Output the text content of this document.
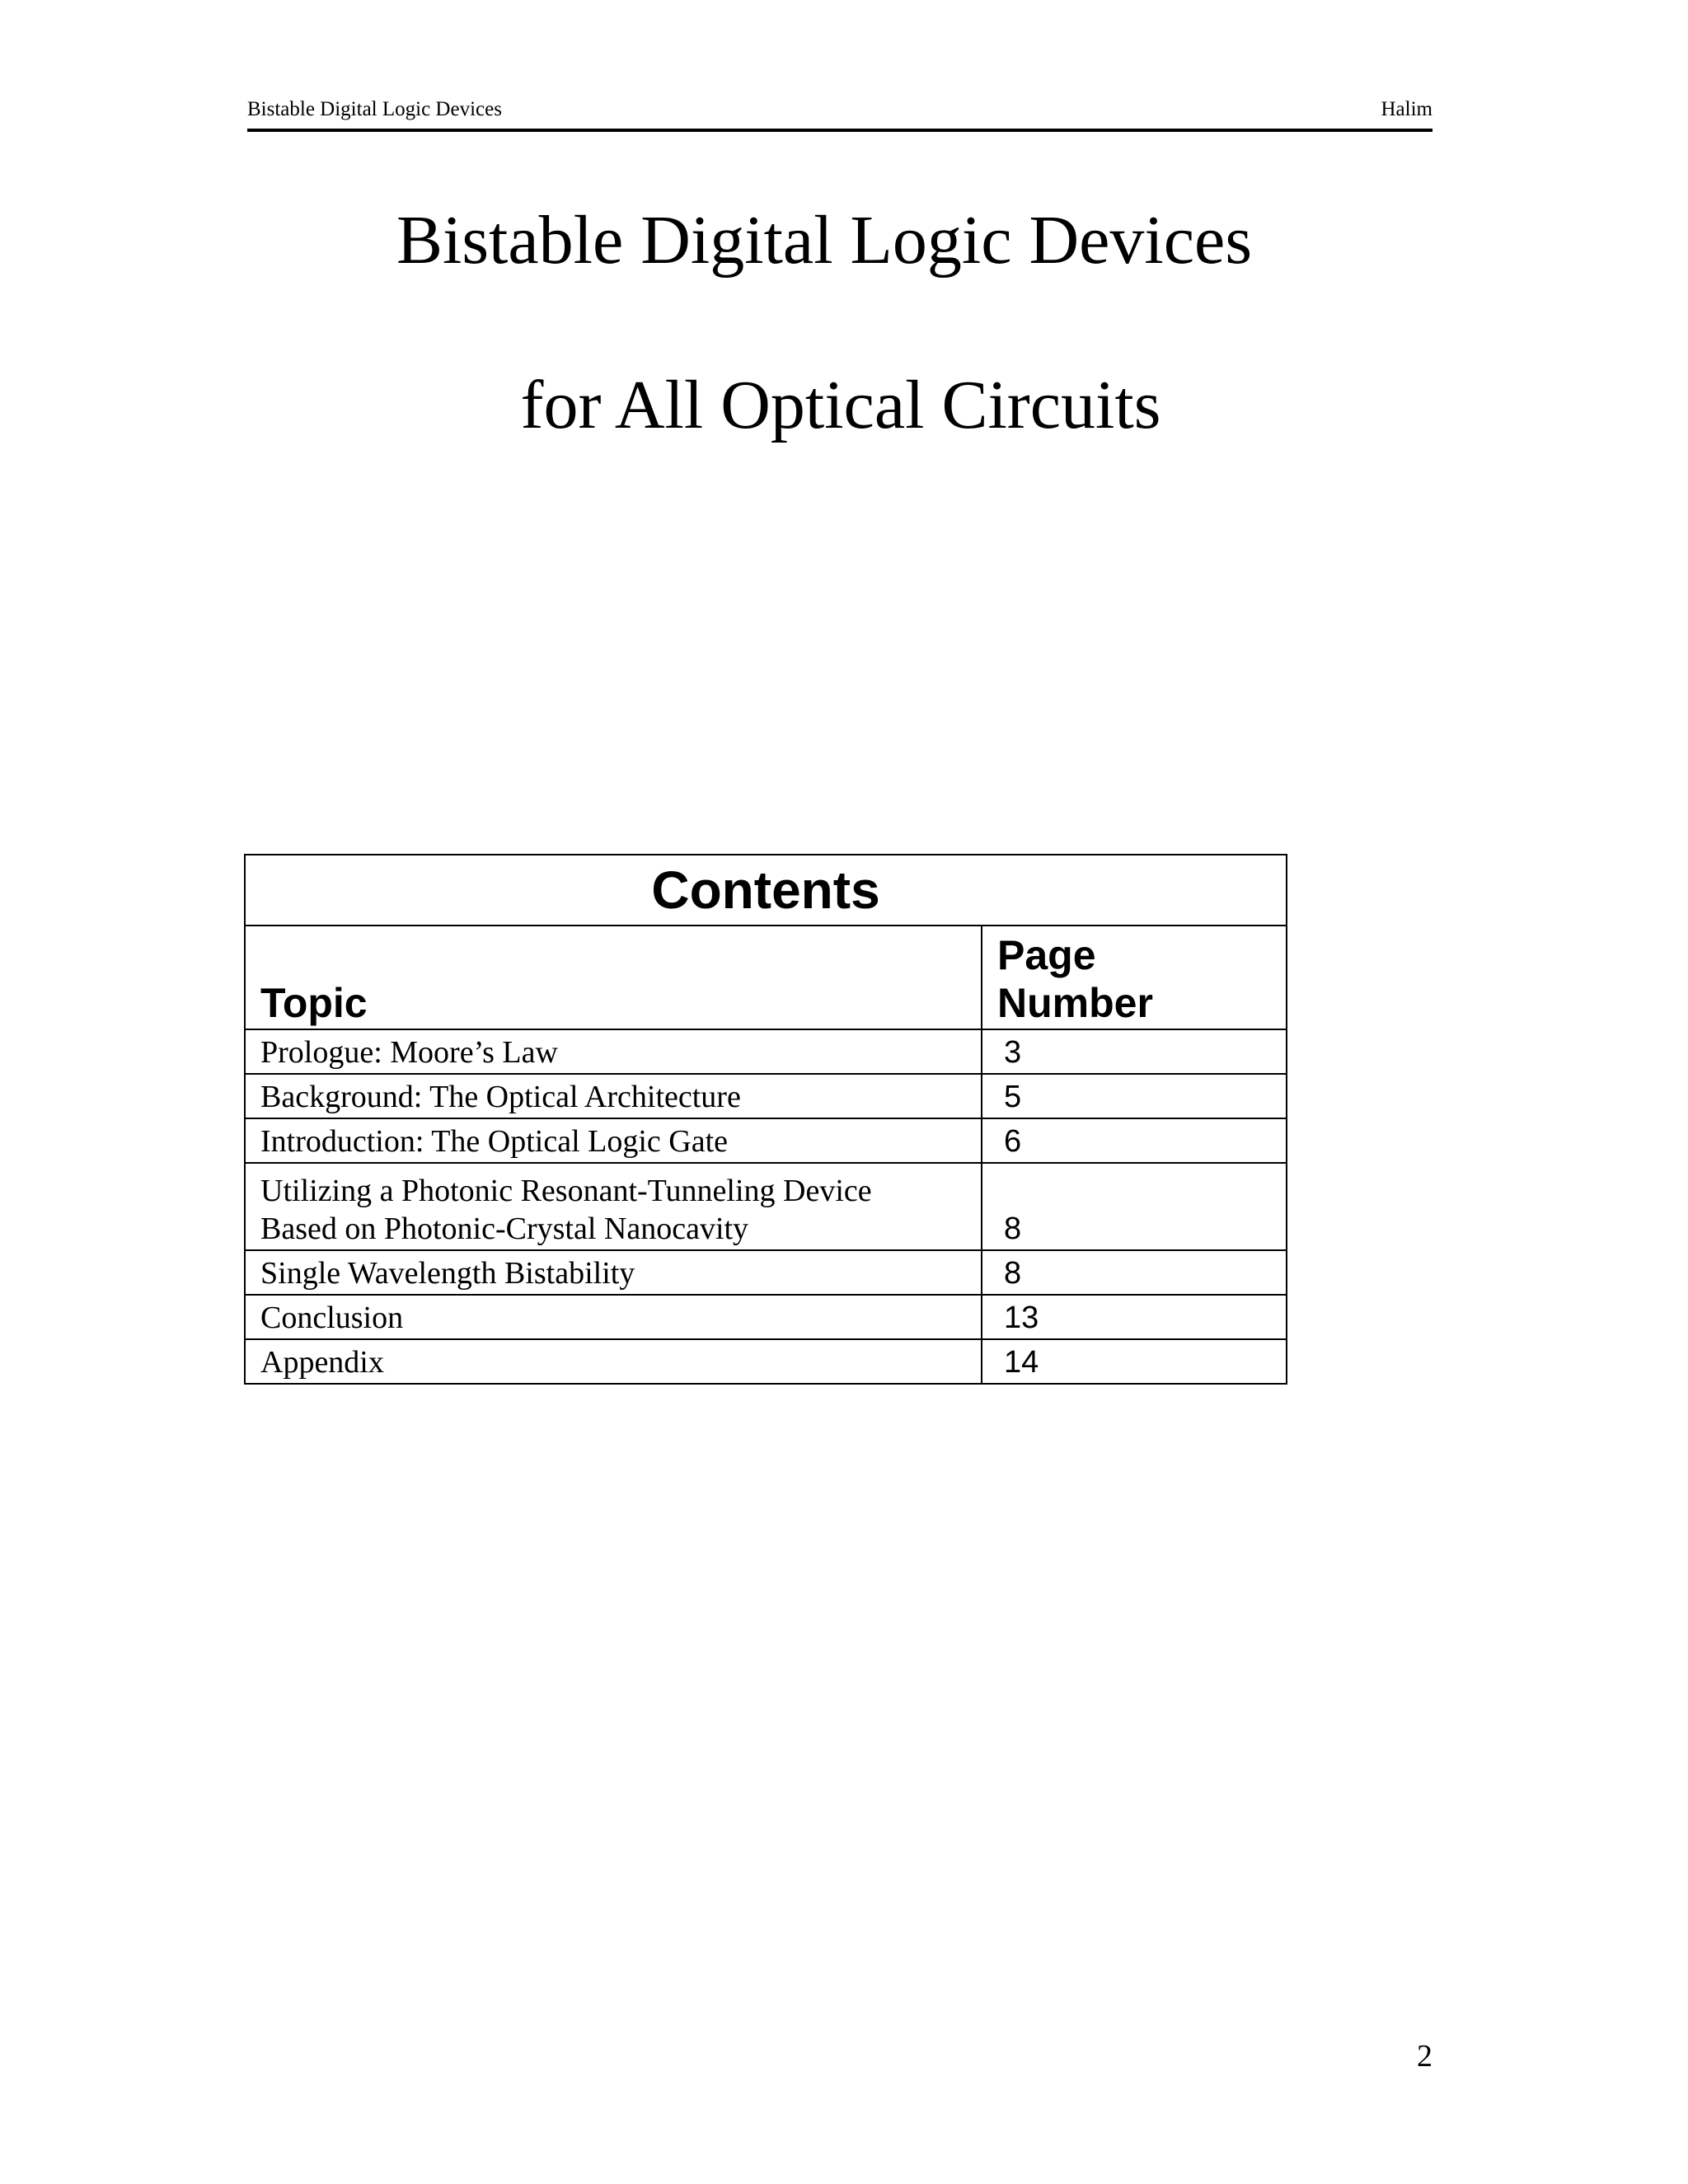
Bistable Digital Logic Devices	Halim
Bistable Digital Logic Devices
for All Optical Circuits
Contents	
Topic	Page
Number

Prologue: Moore’s Law	3
Background: The Optical Architecture	5
Introduction: The Optical Logic Gate	6

Utilizing a Photonic Resonant-Tunneling Device
Based on Photonic-Crystal Nanocavity	8
Single Wavelength Bistability	8
Conclusion	13
Appendix	14
2
